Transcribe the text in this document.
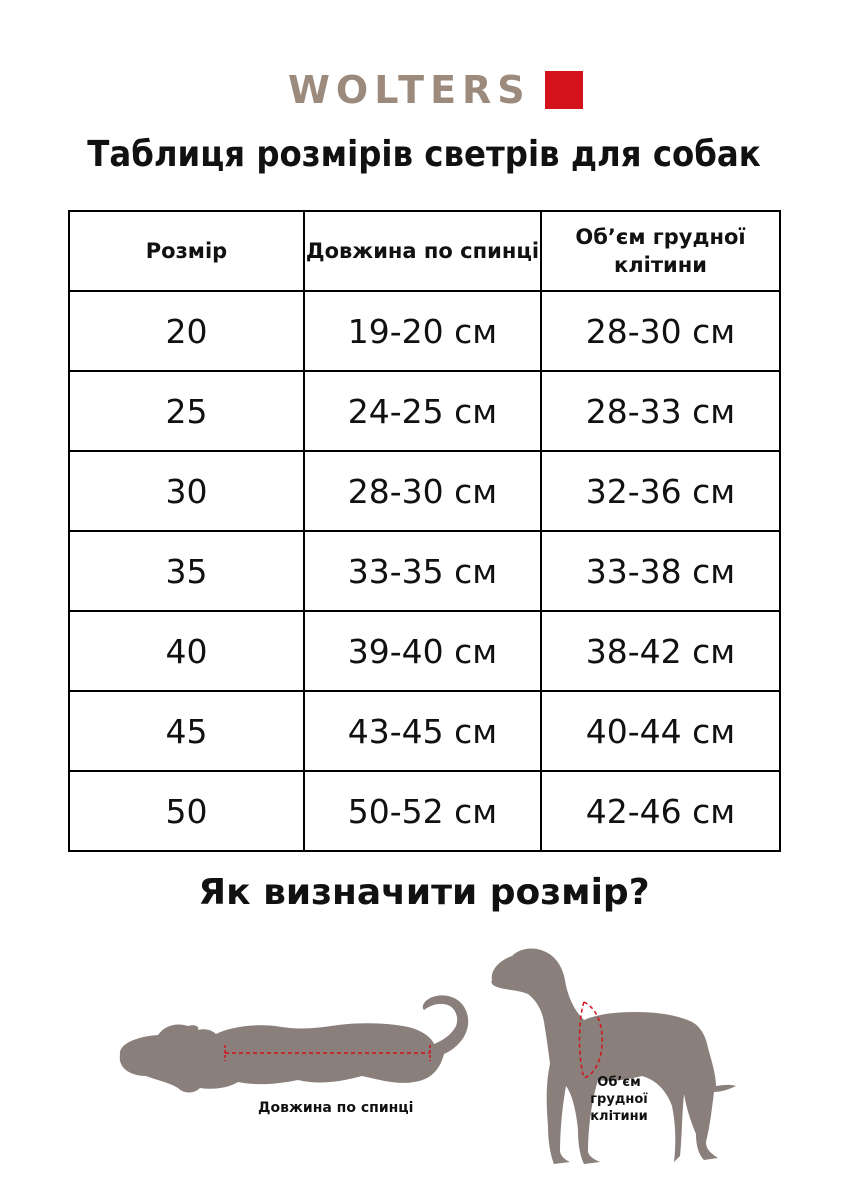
WOLTERS
Таблиця розмірів светрів для собак
Розмір	Довжина по спинці	Об’єм грудної клітини
20	19-20 см	28-30 см
25	24-25 см	28-33 см
30	28-30 см	32-36 см
35	33-35 см	33-38 см
40	39-40 см	38-42 см
45	43-45 см	40-44 см
50	50-52 см	42-46 см
Як визначити розмір?
Довжина по спинці
Об’єм грудної клітини
